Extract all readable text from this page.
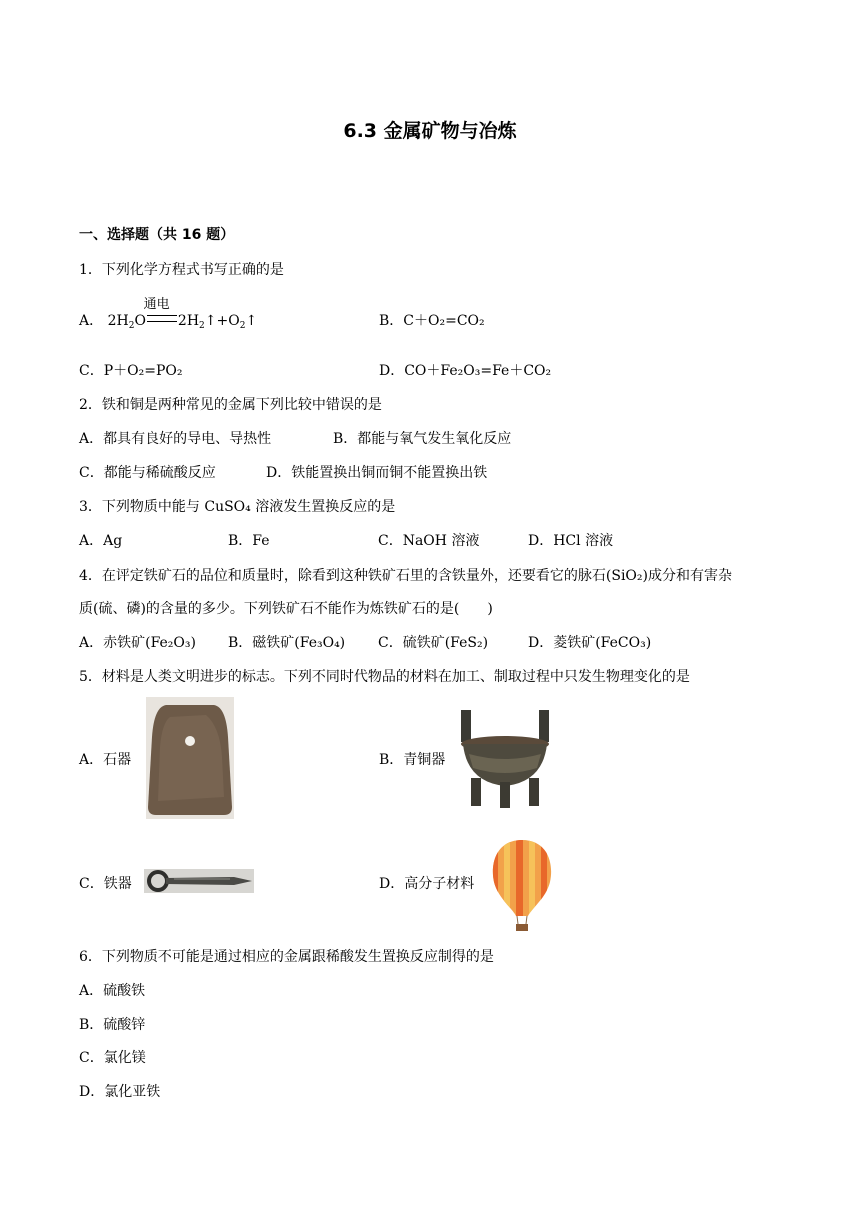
6.3 金属矿物与冶炼
一、选择题（共 16 题）
1．下列化学方程式书写正确的是
A．
通电
$2H_2O$ $2H_2↑+O_2↑$	B．C＋O₂=CO₂
C．P＋O₂=PO₂	D．CO＋Fe₂O₃=Fe＋CO₂
2．铁和铜是两种常见的金属下列比较中错误的是
A．都具有良好的导电、导热性	B．都能与氧气发生氧化反应
C．都能与稀硫酸反应	D．铁能置换出铜而铜不能置换出铁
3．下列物质中能与 CuSO₄ 溶液发生置换反应的是
A．Ag	B．Fe	C．NaOH 溶液	D．HCl 溶液
4．在评定铁矿石的品位和质量时，除看到这种铁矿石里的含铁量外，还要看它的脉石(SiO₂)成分和有害杂
质(硫、磷)的含量的多少。下列铁矿石不能作为炼铁矿石的是(　　)
A．赤铁矿(Fe₂O₃) B．磁铁矿(Fe₃O₄) C．硫铁矿(FeS₂)	D．菱铁矿(FeCO₃)
5．材料是人类文明进步的标志。下列不同时代物品的材料在加工、制取过程中只发生物理变化的是
A．石器	B．青铜器
C．铁器	D．高分子材料
6．下列物质不可能是通过相应的金属跟稀酸发生置换反应制得的是
A．硫酸铁
B．硫酸锌
C．氯化镁
D．氯化亚铁
